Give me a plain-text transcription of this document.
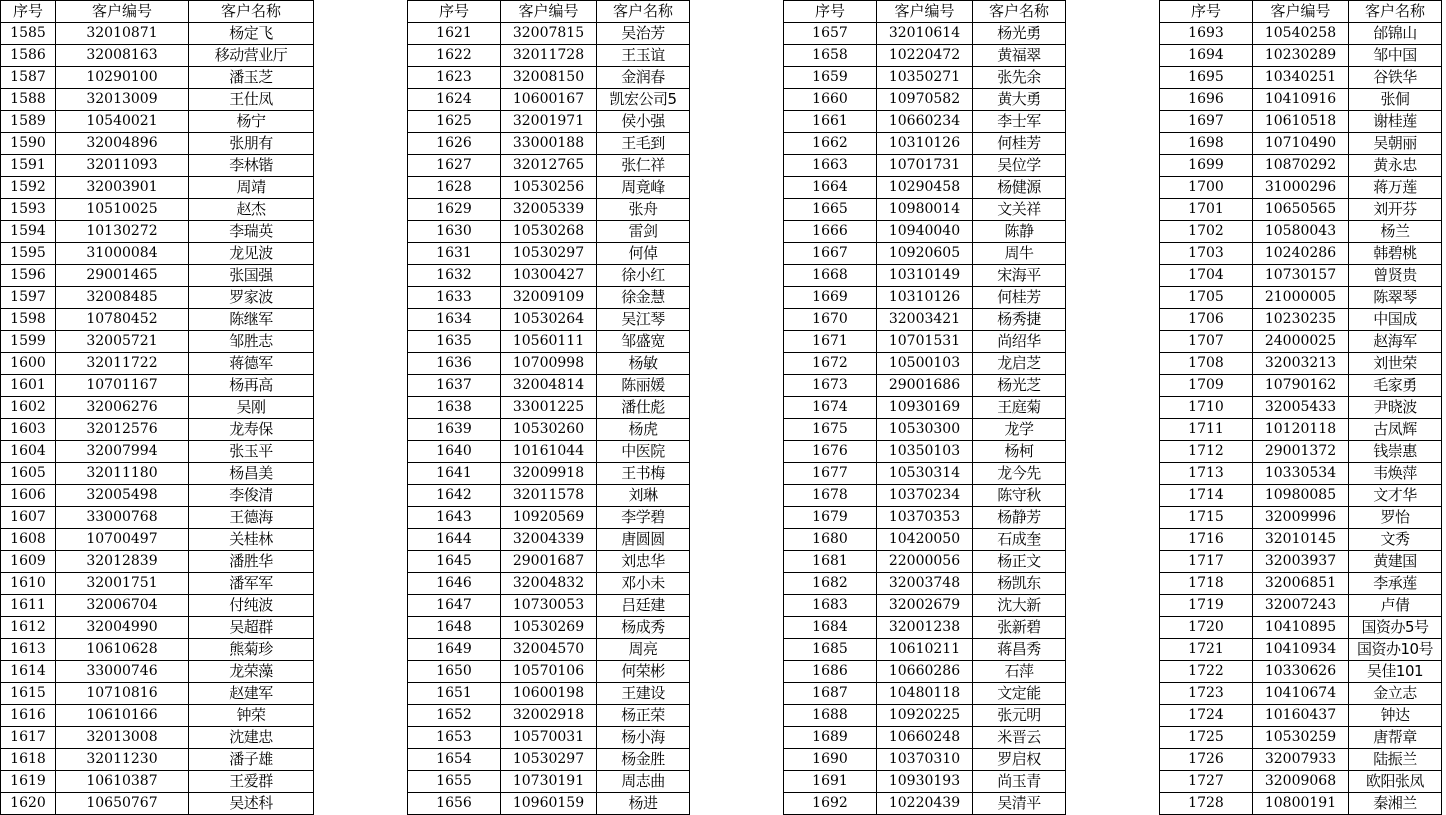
序号	客户编号	客户名称
1585	32010871	杨定飞
1586	32008163	移动营业厅
1587	10290100	潘玉芝
1588	32013009	王仕凤
1589	10540021	杨宁
1590	32004896	张朋有
1591	32011093	李林锴
1592	32003901	周靖
1593	10510025	赵杰
1594	10130272	李瑞英
1595	31000084	龙见波
1596	29001465	张国强
1597	32008485	罗家波
1598	10780452	陈继军
1599	32005721	邹胜志
1600	32011722	蒋德军
1601	10701167	杨再高
1602	32006276	吴刚
1603	32012576	龙寿保
1604	32007994	张玉平
1605	32011180	杨昌美
1606	32005498	李俊清
1607	33000768	王德海
1608	10700497	关桂林
1609	32012839	潘胜华
1610	32001751	潘军军
1611	32006704	付纯波
1612	32004990	吴超群
1613	10610628	熊菊珍
1614	33000746	龙荣藻
1615	10710816	赵建军
1616	10610166	钟荣
1617	32013008	沈建忠
1618	32011230	潘子雄
1619	10610387	王爱群
1620	10650767	吴述科
序号	客户编号	客户名称
1621	32007815	吴治芳
1622	32011728	王玉谊
1623	32008150	金润春
1624	10600167	凯宏公司5
1625	32001971	侯小强
1626	33000188	王毛到
1627	32012765	张仁祥
1628	10530256	周竟峰
1629	32005339	张舟
1630	10530268	雷剑
1631	10530297	何倬
1632	10300427	徐小红
1633	32009109	徐金慧
1634	10530264	吴江琴
1635	10560111	邹盛宽
1636	10700998	杨敏
1637	32004814	陈丽媛
1638	33001225	潘仕彪
1639	10530260	杨虎
1640	10161044	中医院
1641	32009918	王书梅
1642	32011578	刘琳
1643	10920569	李学碧
1644	32004339	唐圆圆
1645	29001687	刘忠华
1646	32004832	邓小未
1647	10730053	吕廷建
1648	10530269	杨成秀
1649	32004570	周亮
1650	10570106	何荣彬
1651	10600198	王建设
1652	32002918	杨正荣
1653	10570031	杨小海
1654	10530297	杨金胜
1655	10730191	周志曲
1656	10960159	杨进
序号	客户编号	客户名称
1657	32010614	杨光勇
1658	10220472	黄福翠
1659	10350271	张先余
1660	10970582	黄大勇
1661	10660234	李士军
1662	10310126	何桂芳
1663	10701731	吴位学
1664	10290458	杨健源
1665	10980014	文关祥
1666	10940040	陈静
1667	10920605	周牛
1668	10310149	宋海平
1669	10310126	何桂芳
1670	32003421	杨秀捷
1671	10701531	尚绍华
1672	10500103	龙启芝
1673	29001686	杨光芝
1674	10930169	王庭菊
1675	10530300	龙学
1676	10350103	杨柯
1677	10530314	龙今先
1678	10370234	陈守秋
1679	10370353	杨静芳
1680	10420050	石成奎
1681	22000056	杨正文
1682	32003748	杨凯东
1683	32002679	沈大新
1684	32001238	张新碧
1685	10610211	蒋昌秀
1686	10660286	石萍
1687	10480118	文定能
1688	10920225	张元明
1689	10660248	米晋云
1690	10370310	罗启权
1691	10930193	尚玉青
1692	10220439	吴清平
序号	客户编号	客户名称
1693	10540258	邰锦山
1694	10230289	邹中国
1695	10340251	谷铁华
1696	10410916	张侗
1697	10610518	谢桂莲
1698	10710490	吴朝丽
1699	10870292	黄永忠
1700	31000296	蒋万莲
1701	10650565	刘开芬
1702	10580043	杨兰
1703	10240286	韩碧桃
1704	10730157	曾贤贵
1705	21000005	陈翠琴
1706	10230235	中国成
1707	24000025	赵海军
1708	32003213	刘世荣
1709	10790162	毛家勇
1710	32005433	尹晓波
1711	10120118	古凤辉
1712	29001372	钱崇惠
1713	10330534	韦焕萍
1714	10980085	文才华
1715	32009996	罗怡
1716	32010145	文秀
1717	32003937	黄建国
1718	32006851	李承莲
1719	32007243	卢倩
1720	10410895	国资办5号
1721	10410934	国资办10号
1722	10330626	吴佳101
1723	10410674	金立志
1724	10160437	钟达
1725	10530259	唐帮章
1726	32007933	陆振兰
1727	32009068	欧阳张凤
1728	10800191	秦湘兰
